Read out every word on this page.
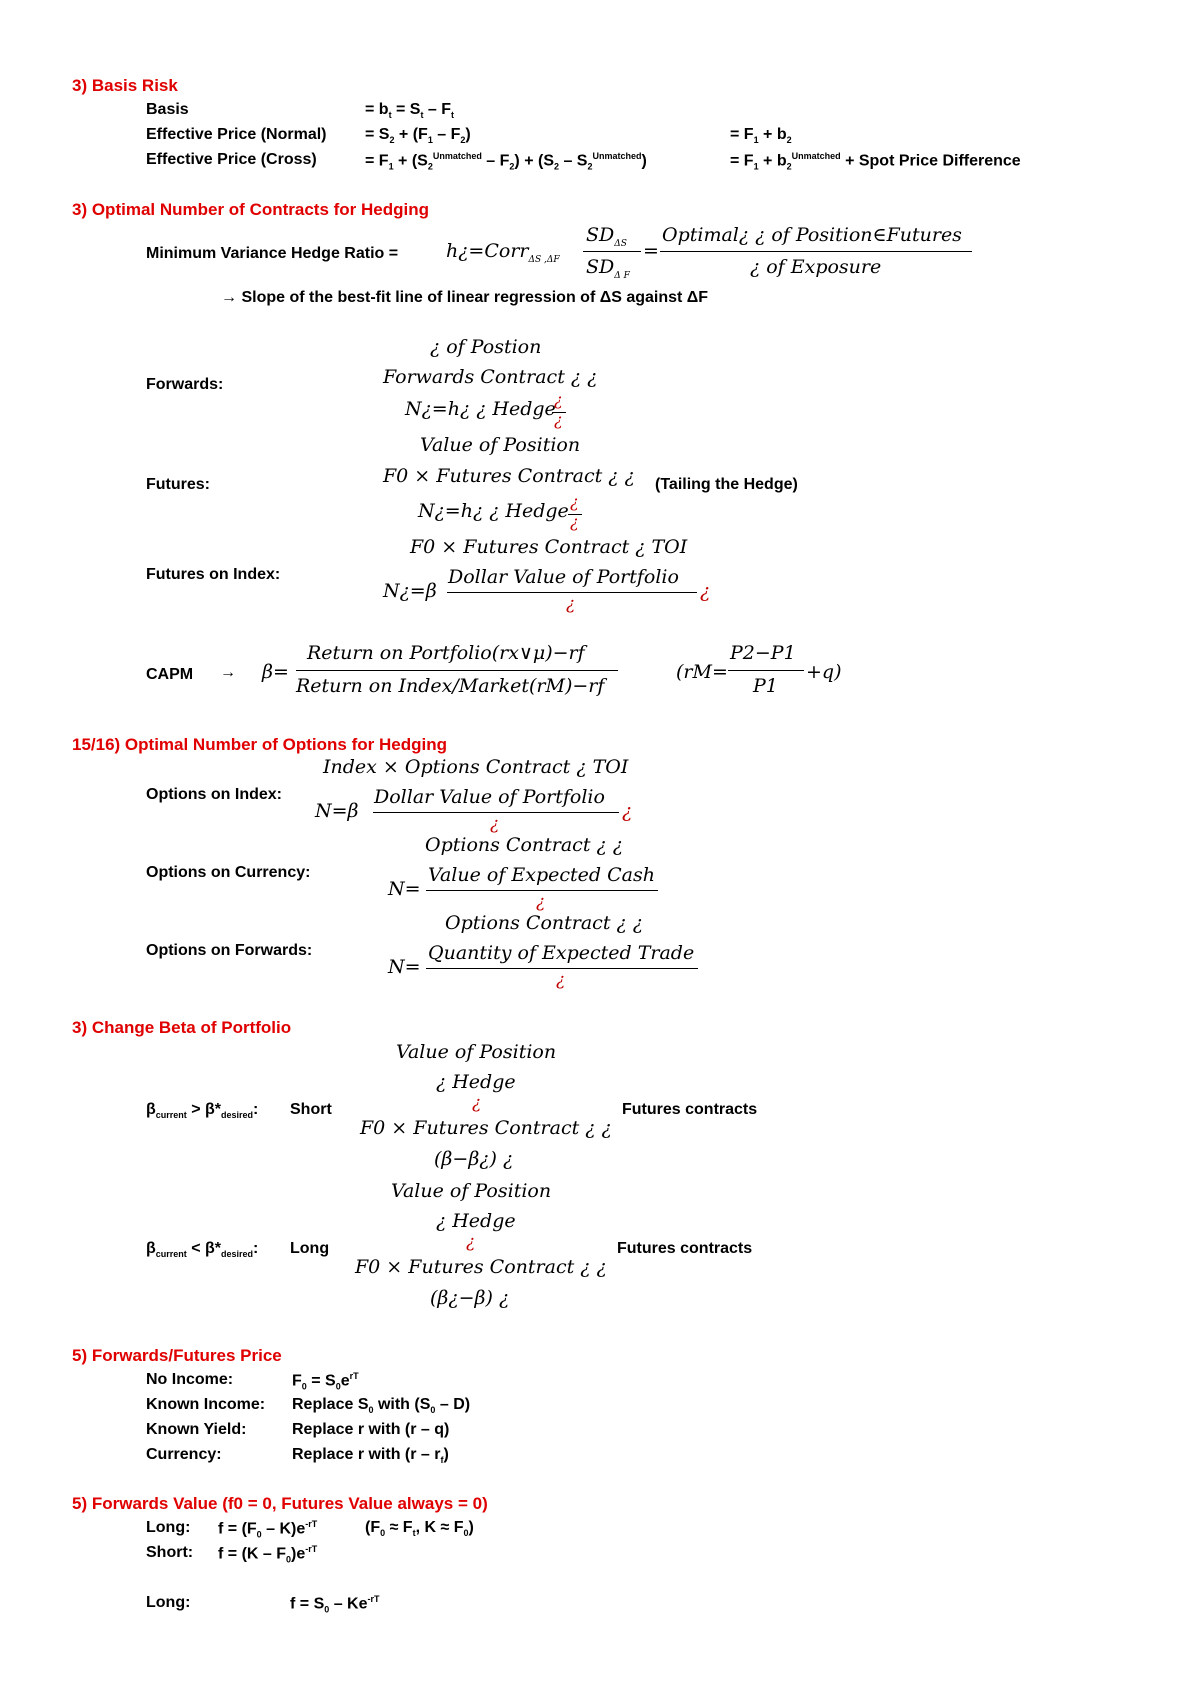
3) Basis Risk
Basis	= $b_t = S_t - F_t$
Effective Price (Normal) = $S_2 + (F_1 - F_2)$	= $F_1 + b_2$
Effective Price (Cross)	= $F_1 + (S_2^{Unmatched} - F_2) + (S_2 - S_2^{Unmatched})$	= $F_1 + b_2^{Unmatched}$ + Spot Price Difference
3) Optimal Number of Contracts for Hedging
Minimum Variance Hedge Ratio =	h¿=Corr$_{\Delta S ,\Delta F}$
$SD_{\Delta S}$
$SD_{\Delta F}$
=
Optimal¿ ¿ of Position∈Futures
¿ of Exposure
→ Slope of the best-fit line of linear regression of ΔS against ΔF
Forwards:
¿ of Postion
Forwards Contract ¿ ¿
N¿=h¿ ¿ Hedge
¿
¿
Value of Position
Futures:	F0 × Futures Contract ¿ ¿ (Tailing the Hedge)
N¿=h¿ ¿ Hedge ¿
¿
F0 × Futures Contract ¿ TOI
Futures on Index:
N¿=β
Dollar Value of Portfolio
¿
¿
CAPM → β=
Return on Portfolio(rx∨μ)−rf
Return on Index/Market(rM)−rf
(rM=
P2−P1
P1
+q)
15/16) Optimal Number of Options for Hedging
Index × Options Contract ¿ TOI
Options on Index:
N=β
Dollar Value of Portfolio
¿
¿
Options Contract ¿ ¿
Options on Currency:
N=
Value of Expected Cash
¿
Options Contract ¿ ¿
Options on Forwards:
N=
Quantity of Expected Trade
¿
3) Change Beta of Portfolio
Value of Position
¿ Hedge
¿
$\beta_{current} > \beta*_{desired}$: Short	Futures contracts
F0 × Futures Contract ¿ ¿
(β−β¿) ¿
Value of Position
¿ Hedge
¿
$\beta_{current} < \beta*_{desired}$: Long	Futures contracts
F0 × Futures Contract ¿ ¿
(β¿−β) ¿
5) Forwards/Futures Price
No Income:	$F_0 = S_0e^{rT}$
Known Income: Replace $S_0$ with $(S_0 - D)$
Known Yield:	Replace r with (r – q)
Currency:	Replace r with $(r - r_f)$
5) Forwards Value (f0 = 0, Futures Value always = 0)
Long: $f = (F_0 - K)e^{-rT}$	($F_0 \approx F_t$, $K \approx F_0$)
Short: $f = (K - F_0)e^{-rT}$
Long:	$f = S_0 - Ke^{-rT}$
